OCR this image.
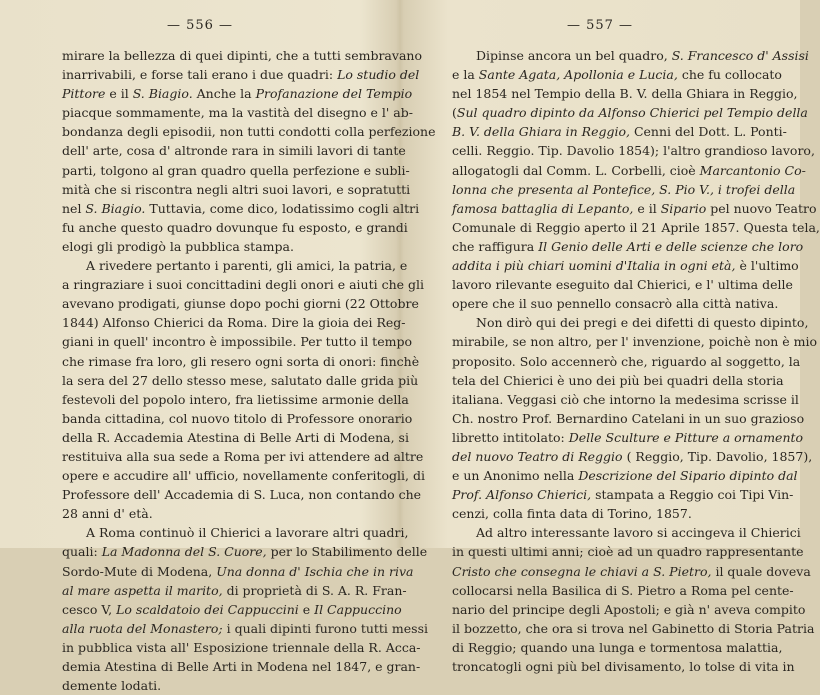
— 556 —
mirare la bellezza di quei dipinti, che a tutti sembravano
inarrivabili, e forse tali erano i due quadri: Lo studio del
Pittore e il S. Biagio. Anche la Profanazione del Tempio
piacque sommamente, ma la vastità del disegno e l' ab-
bondanza degli episodii, non tutti condotti colla perfezione
dell' arte, cosa d' altronde rara in simili lavori di tante
parti, tolgono al gran quadro quella perfezione e subli-
mità che si riscontra negli altri suoi lavori, e sopratutti
nel S. Biagio. Tuttavia, come dico, lodatissimo cogli altri
fu anche questo quadro dovunque fu esposto, e grandi
elogi gli prodigò la pubblica stampa.
A rivedere pertanto i parenti, gli amici, la patria, e
a ringraziare i suoi concittadini degli onori e aiuti che gli
avevano prodigati, giunse dopo pochi giorni (22 Ottobre
1844) Alfonso Chierici da Roma. Dire la gioia dei Reg-
giani in quell' incontro è impossibile. Per tutto il tempo
che rimase fra loro, gli resero ogni sorta di onori: finchè
la sera del 27 dello stesso mese, salutato dalle grida più
festevoli del popolo intero, fra lietissime armonie della
banda cittadina, col nuovo titolo di Professore onorario
della R. Accademia Atestina di Belle Arti di Modena, si
restituiva alla sua sede a Roma per ivi attendere ad altre
opere e accudire all' ufficio, novellamente conferitogli, di
Professore dell' Accademia di S. Luca, non contando che
28 anni d' età.
A Roma continuò il Chierici a lavorare altri quadri,
quali: La Madonna del S. Cuore, per lo Stabilimento delle
Sordo-Mute di Modena, Una donna d' Ischia che in riva
al mare aspetta il marito, di proprietà di S. A. R. Fran-
cesco V, Lo scaldatoio dei Cappuccini e Il Cappuccino
alla ruota del Monastero; i quali dipinti furono tutti messi
in pubblica vista all' Esposizione triennale della R. Acca-
demia Atestina di Belle Arti in Modena nel 1847, e gran-
demente lodati.
— 557 —
Dipinse ancora un bel quadro, S. Francesco d' Assisi
e la Sante Agata, Apollonia e Lucia, che fu collocato
nel 1854 nel Tempio della B. V. della Ghiara in Reggio,
(Sul quadro dipinto da Alfonso Chierici pel Tempio della
B. V. della Ghiara in Reggio, Cenni del Dott. L. Ponti-
celli. Reggio. Tip. Davolio 1854); l'altro grandioso lavoro,
allogatogli dal Comm. L. Corbelli, cioè Marcantonio Co-
lonna che presenta al Pontefice, S. Pio V., i trofei della
famosa battaglia di Lepanto, e il Sipario pel nuovo Teatro
Comunale di Reggio aperto il 21 Aprile 1857. Questa tela,
che raffigura Il Genio delle Arti e delle scienze che loro
addita i più chiari uomini d'Italia in ogni età, è l'ultimo
lavoro rilevante eseguito dal Chierici, e l' ultima delle
opere che il suo pennello consacrò alla città nativa.
Non dirò qui dei pregi e dei difetti di questo dipinto,
mirabile, se non altro, per l' invenzione, poichè non è mio
proposito. Solo accennerò che, riguardo al soggetto, la
tela del Chierici è uno dei più bei quadri della storia
italiana. Veggasi ciò che intorno la medesima scrisse il
Ch. nostro Prof. Bernardino Catelani in un suo grazioso
libretto intitolato: Delle Sculture e Pitture a ornamento
del nuovo Teatro di Reggio ( Reggio, Tip. Davolio, 1857),
e un Anonimo nella Descrizione del Sipario dipinto dal
Prof. Alfonso Chierici, stampata a Reggio coi Tipi Vin-
cenzi, colla finta data di Torino, 1857.
Ad altro interessante lavoro si accingeva il Chierici
in questi ultimi anni; cioè ad un quadro rappresentante
Cristo che consegna le chiavi a S. Pietro, il quale doveva
collocarsi nella Basilica di S. Pietro a Roma pel cente-
nario del principe degli Apostoli; e già n' aveva compito
il bozzetto, che ora si trova nel Gabinetto di Storia Patria
di Reggio; quando una lunga e tormentosa malattia,
troncatogli ogni più bel divisamento, lo tolse di vita in
